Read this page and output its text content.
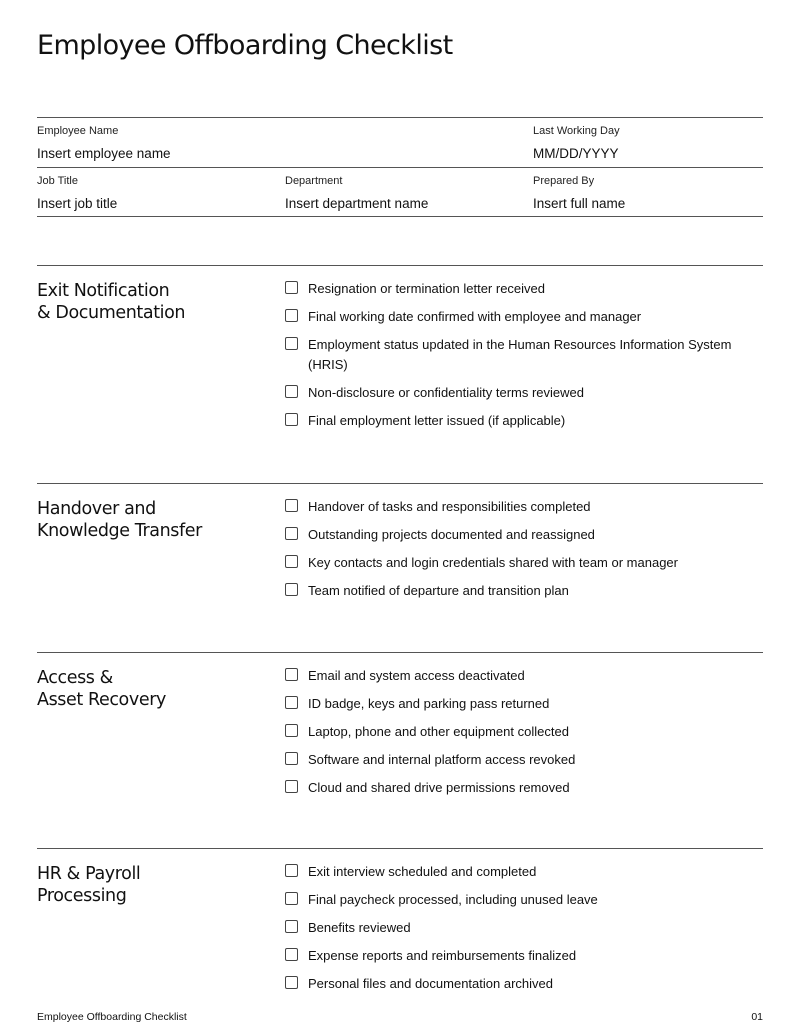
Employee Offboarding Checklist
Employee Name
Insert employee name
Last Working Day
MM/DD/YYYY
Job Title
Insert job title
Department
Insert department name
Prepared By
Insert full name
Exit Notification
& Documentation
Resignation or termination letter received
Final working date confirmed with employee and manager
Employment status updated in the Human Resources Information System (HRIS)
Non-disclosure or confidentiality terms reviewed
Final employment letter issued (if applicable)
Handover and
Knowledge Transfer
Handover of tasks and responsibilities completed
Outstanding projects documented and reassigned
Key contacts and login credentials shared with team or manager
Team notified of departure and transition plan
Access &
Asset Recovery
Email and system access deactivated
ID badge, keys and parking pass returned
Laptop, phone and other equipment collected
Software and internal platform access revoked
Cloud and shared drive permissions removed
HR & Payroll
Processing
Exit interview scheduled and completed
Final paycheck processed, including unused leave
Benefits reviewed
Expense reports and reimbursements finalized
Personal files and documentation archived
Employee Offboarding Checklist	01
